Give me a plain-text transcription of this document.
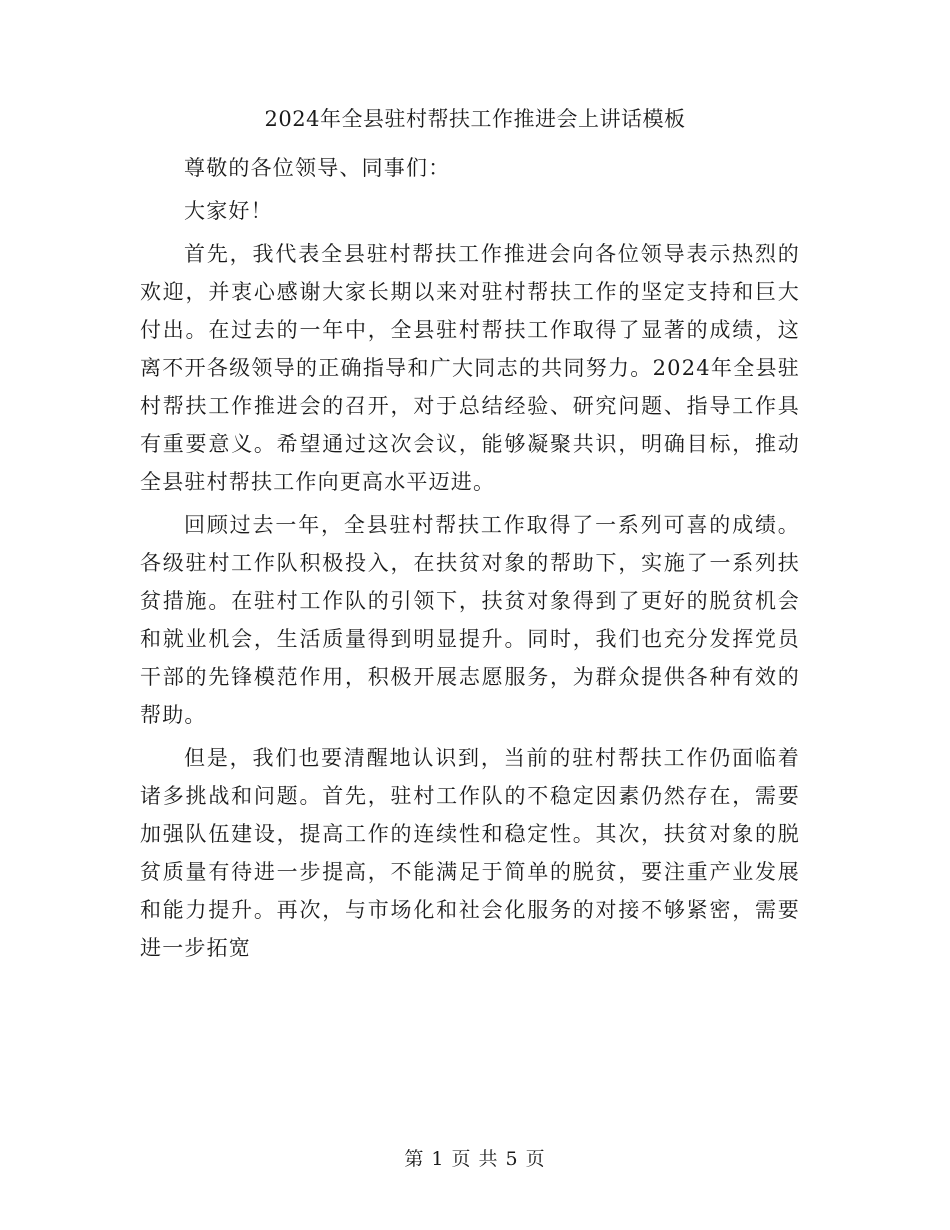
2024年全县驻村帮扶工作推进会上讲话模板

尊敬的各位领导、同事们：

大家好！

首先，我代表全县驻村帮扶工作推进会向各位领导表示热烈的欢迎，并衷心感谢大家长期以来对驻村帮扶工作的坚定支持和巨大付出。在过去的一年中，全县驻村帮扶工作取得了显著的成绩，这离不开各级领导的正确指导和广大同志的共同努力。2024年全县驻村帮扶工作推进会的召开，对于总结经验、研究问题、指导工作具有重要意义。希望通过这次会议，能够凝聚共识，明确目标，推动全县驻村帮扶工作向更高水平迈进。

回顾过去一年，全县驻村帮扶工作取得了一系列可喜的成绩。各级驻村工作队积极投入，在扶贫对象的帮助下，实施了一系列扶贫措施。在驻村工作队的引领下，扶贫对象得到了更好的脱贫机会和就业机会，生活质量得到明显提升。同时，我们也充分发挥党员干部的先锋模范作用，积极开展志愿服务，为群众提供各种有效的帮助。

但是，我们也要清醒地认识到，当前的驻村帮扶工作仍面临着诸多挑战和问题。首先，驻村工作队的不稳定因素仍然存在，需要加强队伍建设，提高工作的连续性和稳定性。其次，扶贫对象的脱贫质量有待进一步提高，不能满足于简单的脱贫，要注重产业发展和能力提升。再次，与市场化和社会化服务的对接不够紧密，需要进一步拓宽

第 1 页 共 5 页
